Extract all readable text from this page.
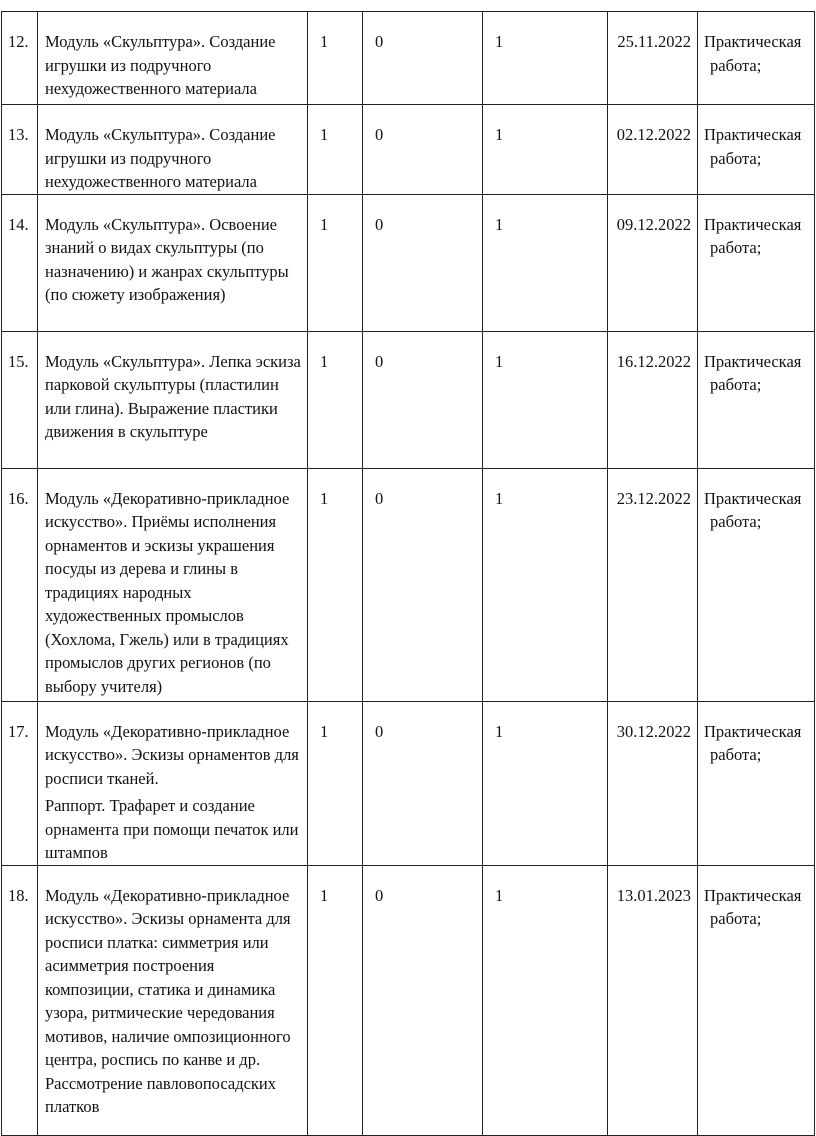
12.	Модуль «Скульптура». Создание игрушки из подручного нехудожественного материала	1	0	1	25.11.2022	Практическая
работа;

13.	Модуль «Скульптура». Создание игрушки из подручного нехудожественного материала	1	0	1	02.12.2022	Практическая
работа;

14.	Модуль «Скульптура». Освоение знаний о видах скульптуры (по назначению) и жанрах скульптуры (по сюжету изображения)	1	0	1	09.12.2022	Практическая
работа;

15.	Модуль «Скульптура». Лепка эскиза парковой скульптуры (пластилин или глина). Выражение пластики движения в скульптуре	1	0	1	16.12.2022	Практическая
работа;

16.	Модуль «Декоративно-прикладное искусство». Приёмы исполнения орнаментов и эскизы украшения посуды из дерева и глины в традициях народных художественных промыслов (Хохлома, Гжель) или в традициях промыслов других регионов (по выбору учителя)	1	0	1	23.12.2022	Практическая
работа;

17.	Модуль «Декоративно-прикладное искусство». Эскизы орнаментов для росписи тканей.
Раппорт. Трафарет и создание орнамента при помощи печаток или штампов	1	0	1	30.12.2022	Практическая
работа;

18.	Модуль «Декоративно-прикладное искусство». Эскизы орнамента для росписи платка: симметрия или асимметрия построения композиции, статика и динамика узора, ритмические чередования мотивов, наличие омпозиционного центра, роспись по канве и др. Рассмотрение павловопосадских платков	1	0	1	13.01.2023	Практическая
работа;
